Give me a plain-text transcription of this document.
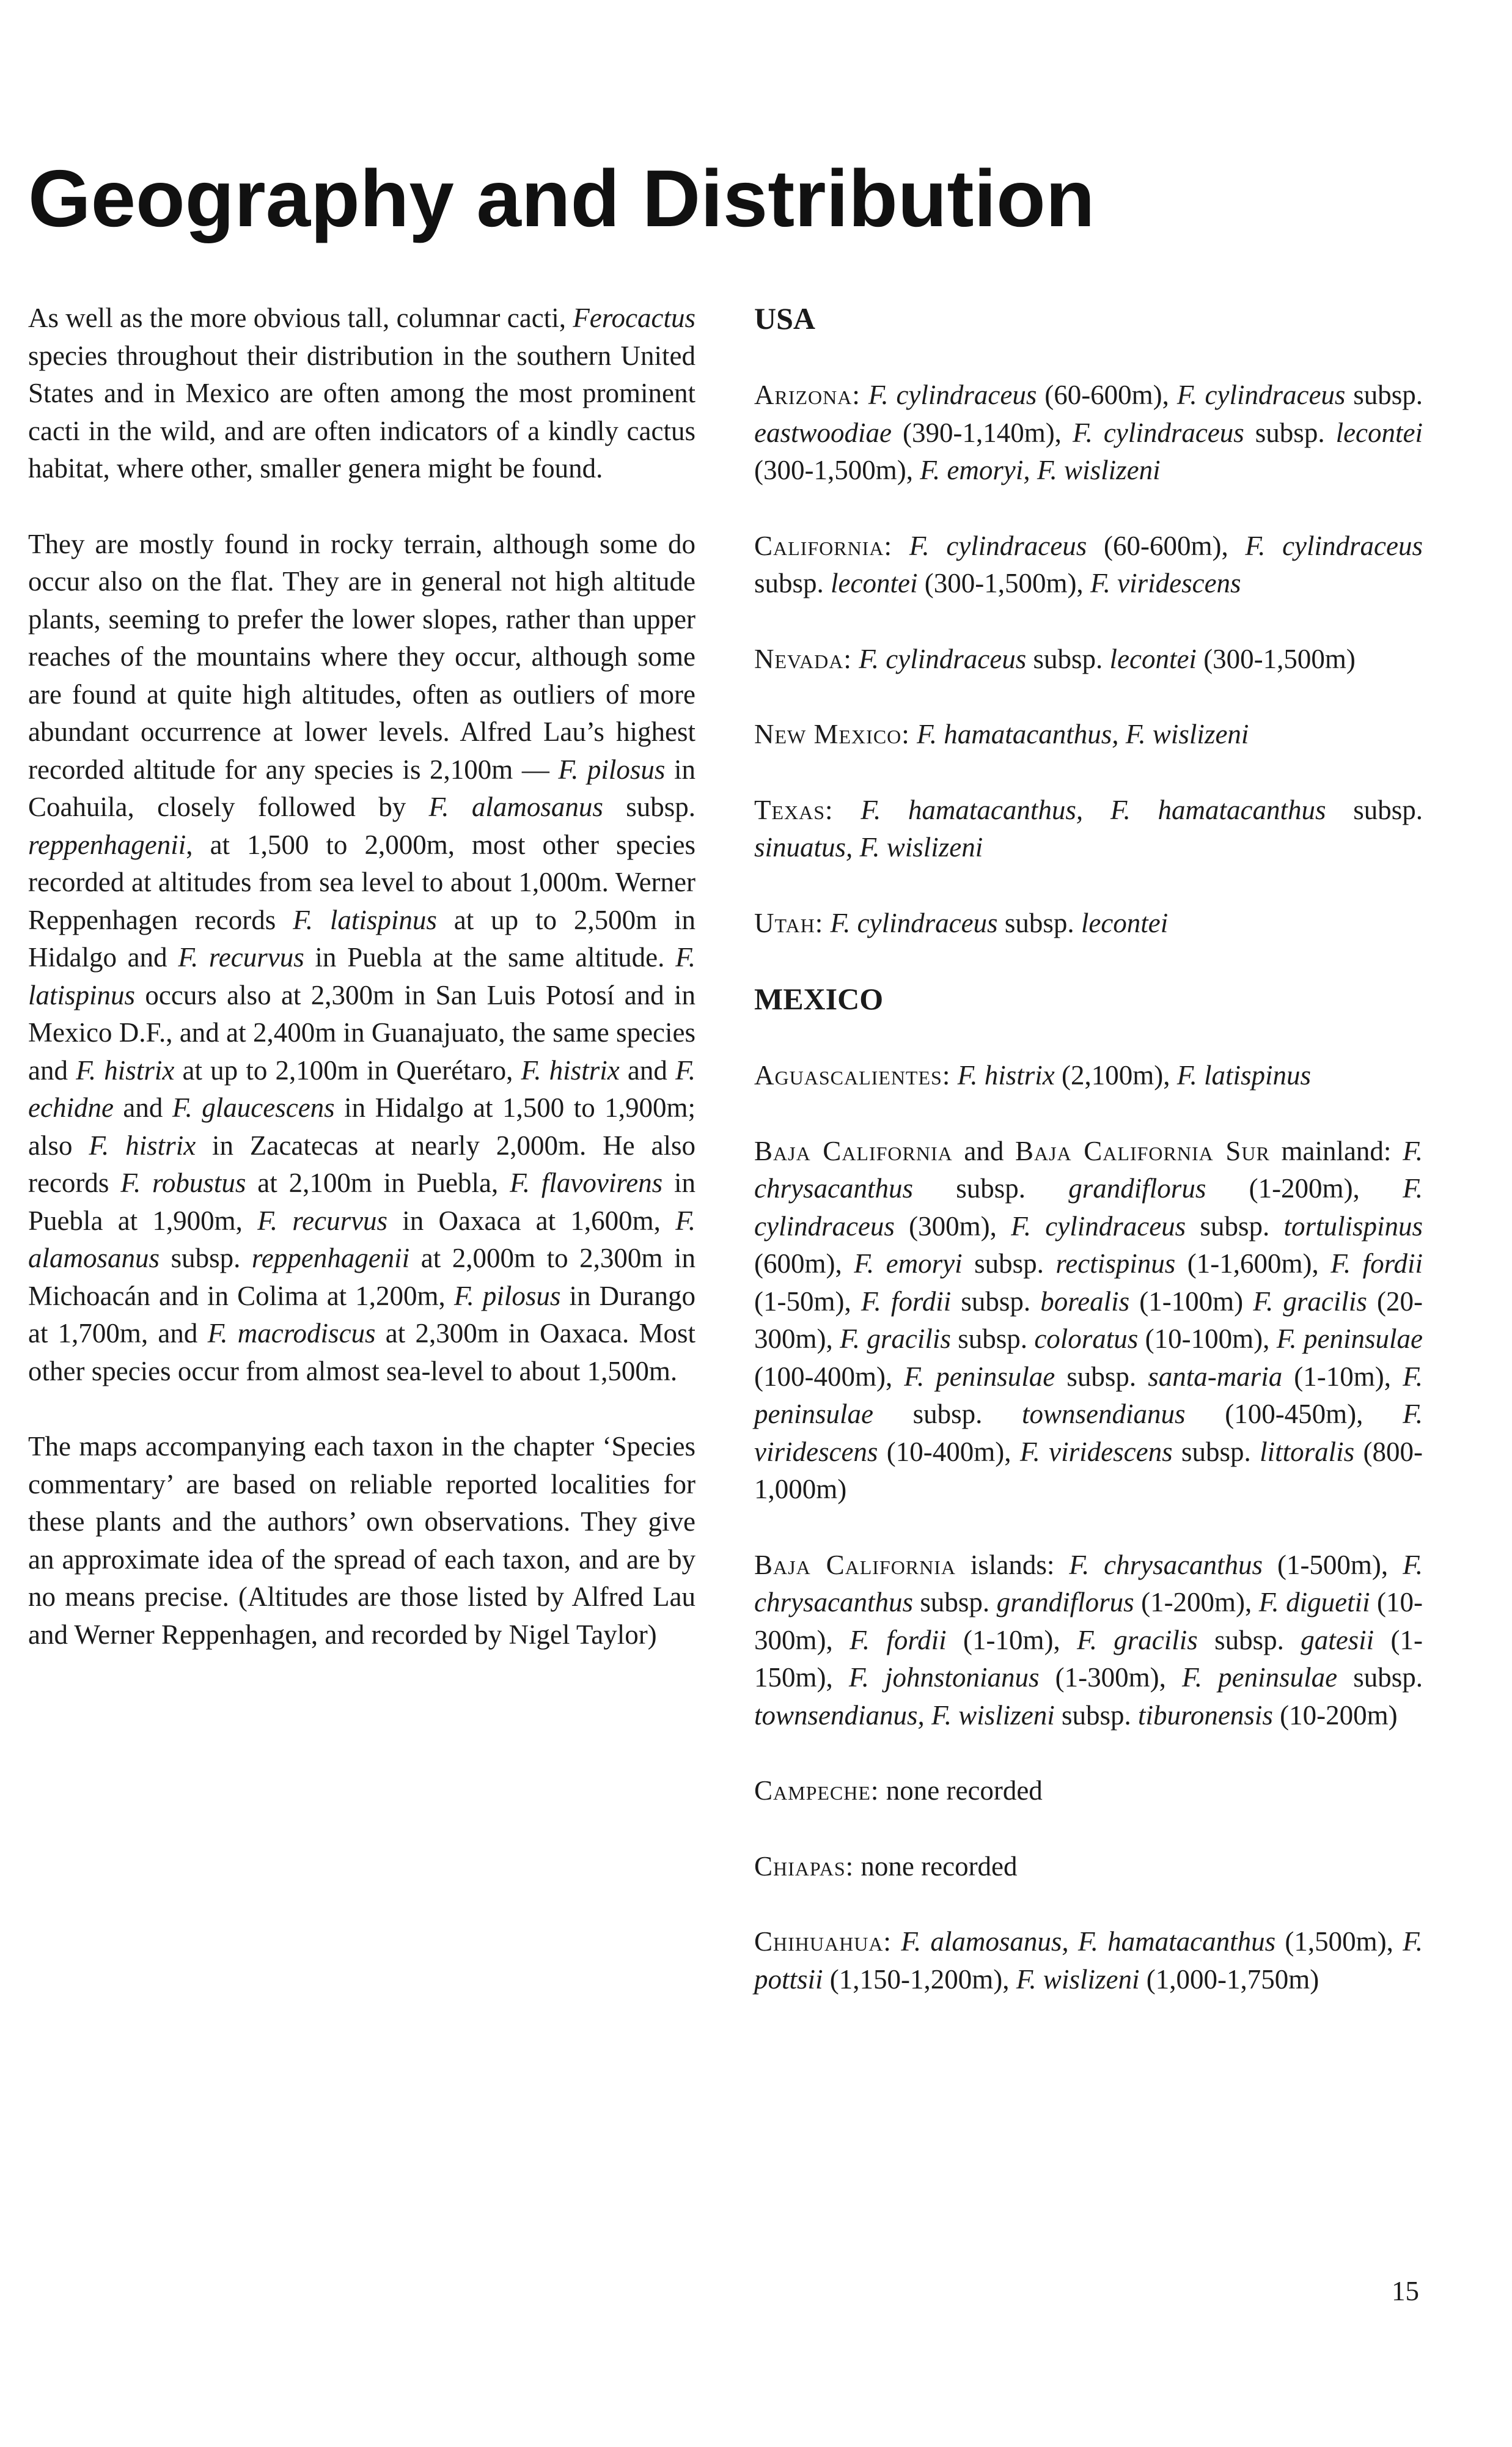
Geography and Distribution

As well as the more obvious tall, columnar cacti, Ferocactus species throughout their distribution in the southern United States and in Mexico are often among the most prominent cacti in the wild, and are often indicators of a kindly cactus habitat, where other, smaller genera might be found.

They are mostly found in rocky terrain, although some do occur also on the flat. They are in general not high altitude plants, seeming to prefer the lower slopes, rather than upper reaches of the mountains where they occur, although some are found at quite high altitudes, often as outliers of more abundant occurrence at lower levels. Alfred Lau’s highest recorded altitude for any species is 2,100m — F. pilosus in Coahuila, closely followed by F. alamosanus subsp. reppenhagenii, at 1,500 to 2,000m, most other species recorded at altitudes from sea level to about 1,000m. Werner Reppenhagen records F. latispinus at up to 2,500m in Hidalgo and F. recurvus in Puebla at the same altitude. F. latispinus occurs also at 2,300m in San Luis Potosí and in Mexico D.F., and at 2,400m in Guanajuato, the same species and F. histrix at up to 2,100m in Querétaro, F. histrix and F. echidne and F. glaucescens in Hidalgo at 1,500 to 1,900m; also F. histrix in Zacatecas at nearly 2,000m. He also records F. robustus at 2,100m in Puebla, F. flavovirens in Puebla at 1,900m, F. recurvus in Oaxaca at 1,600m, F. alamosanus subsp. reppenhagenii at 2,000m to 2,300m in Michoacán and in Colima at 1,200m, F. pilosus in Durango at 1,700m, and F. macrodiscus at 2,300m in Oaxaca. Most other species occur from almost sea-level to about 1,500m.

The maps accompanying each taxon in the chapter ‘Species commentary’ are based on reliable reported localities for these plants and the authors’ own observations. They give an approximate idea of the spread of each taxon, and are by no means precise. (Altitudes are those listed by Alfred Lau and Werner Reppenhagen, and recorded by Nigel Taylor)

USA

Arizona: F. cylindraceus (60-600m), F. cylindraceus subsp. eastwoodiae (390-1,140m), F. cylindraceus subsp. lecontei (300-1,500m), F. emoryi, F. wislizeni

California: F. cylindraceus (60-600m), F. cylindraceus subsp. lecontei (300-1,500m), F. viridescens

Nevada: F. cylindraceus subsp. lecontei (300-1,500m)

New Mexico: F. hamatacanthus, F. wislizeni

Texas: F. hamatacanthus, F. hamatacanthus subsp. sinuatus, F. wislizeni

Utah: F. cylindraceus subsp. lecontei

MEXICO

Aguascalientes: F. histrix (2,100m), F. latispinus

Baja California and Baja California Sur mainland: F. chrysacanthus subsp. grandiflorus (1-200m), F. cylindraceus (300m), F. cylindraceus subsp. tortulispinus (600m), F. emoryi subsp. rectispinus (1-1,600m), F. fordii (1-50m), F. fordii subsp. borealis (1-100m) F. gracilis (20-300m), F. gracilis subsp. coloratus (10-100m), F. peninsulae (100-400m), F. peninsulae subsp. santa-maria (1-10m), F. peninsulae subsp. townsendianus (100-450m), F. viridescens (10-400m), F. viridescens subsp. littoralis (800-1,000m)

Baja California islands: F. chrysacanthus (1-500m), F. chrysacanthus subsp. grandiflorus (1-200m), F. diguetii (10-300m), F. fordii (1-10m), F. gracilis subsp. gatesii (1-150m), F. johnstonianus (1-300m), F. peninsulae subsp. townsendianus, F. wislizeni subsp. tiburonensis (10-200m)

Campeche: none recorded

Chiapas: none recorded

Chihuahua: F. alamosanus, F. hamatacanthus (1,500m), F. pottsii (1,150-1,200m), F. wislizeni (1,000-1,750m)

15
